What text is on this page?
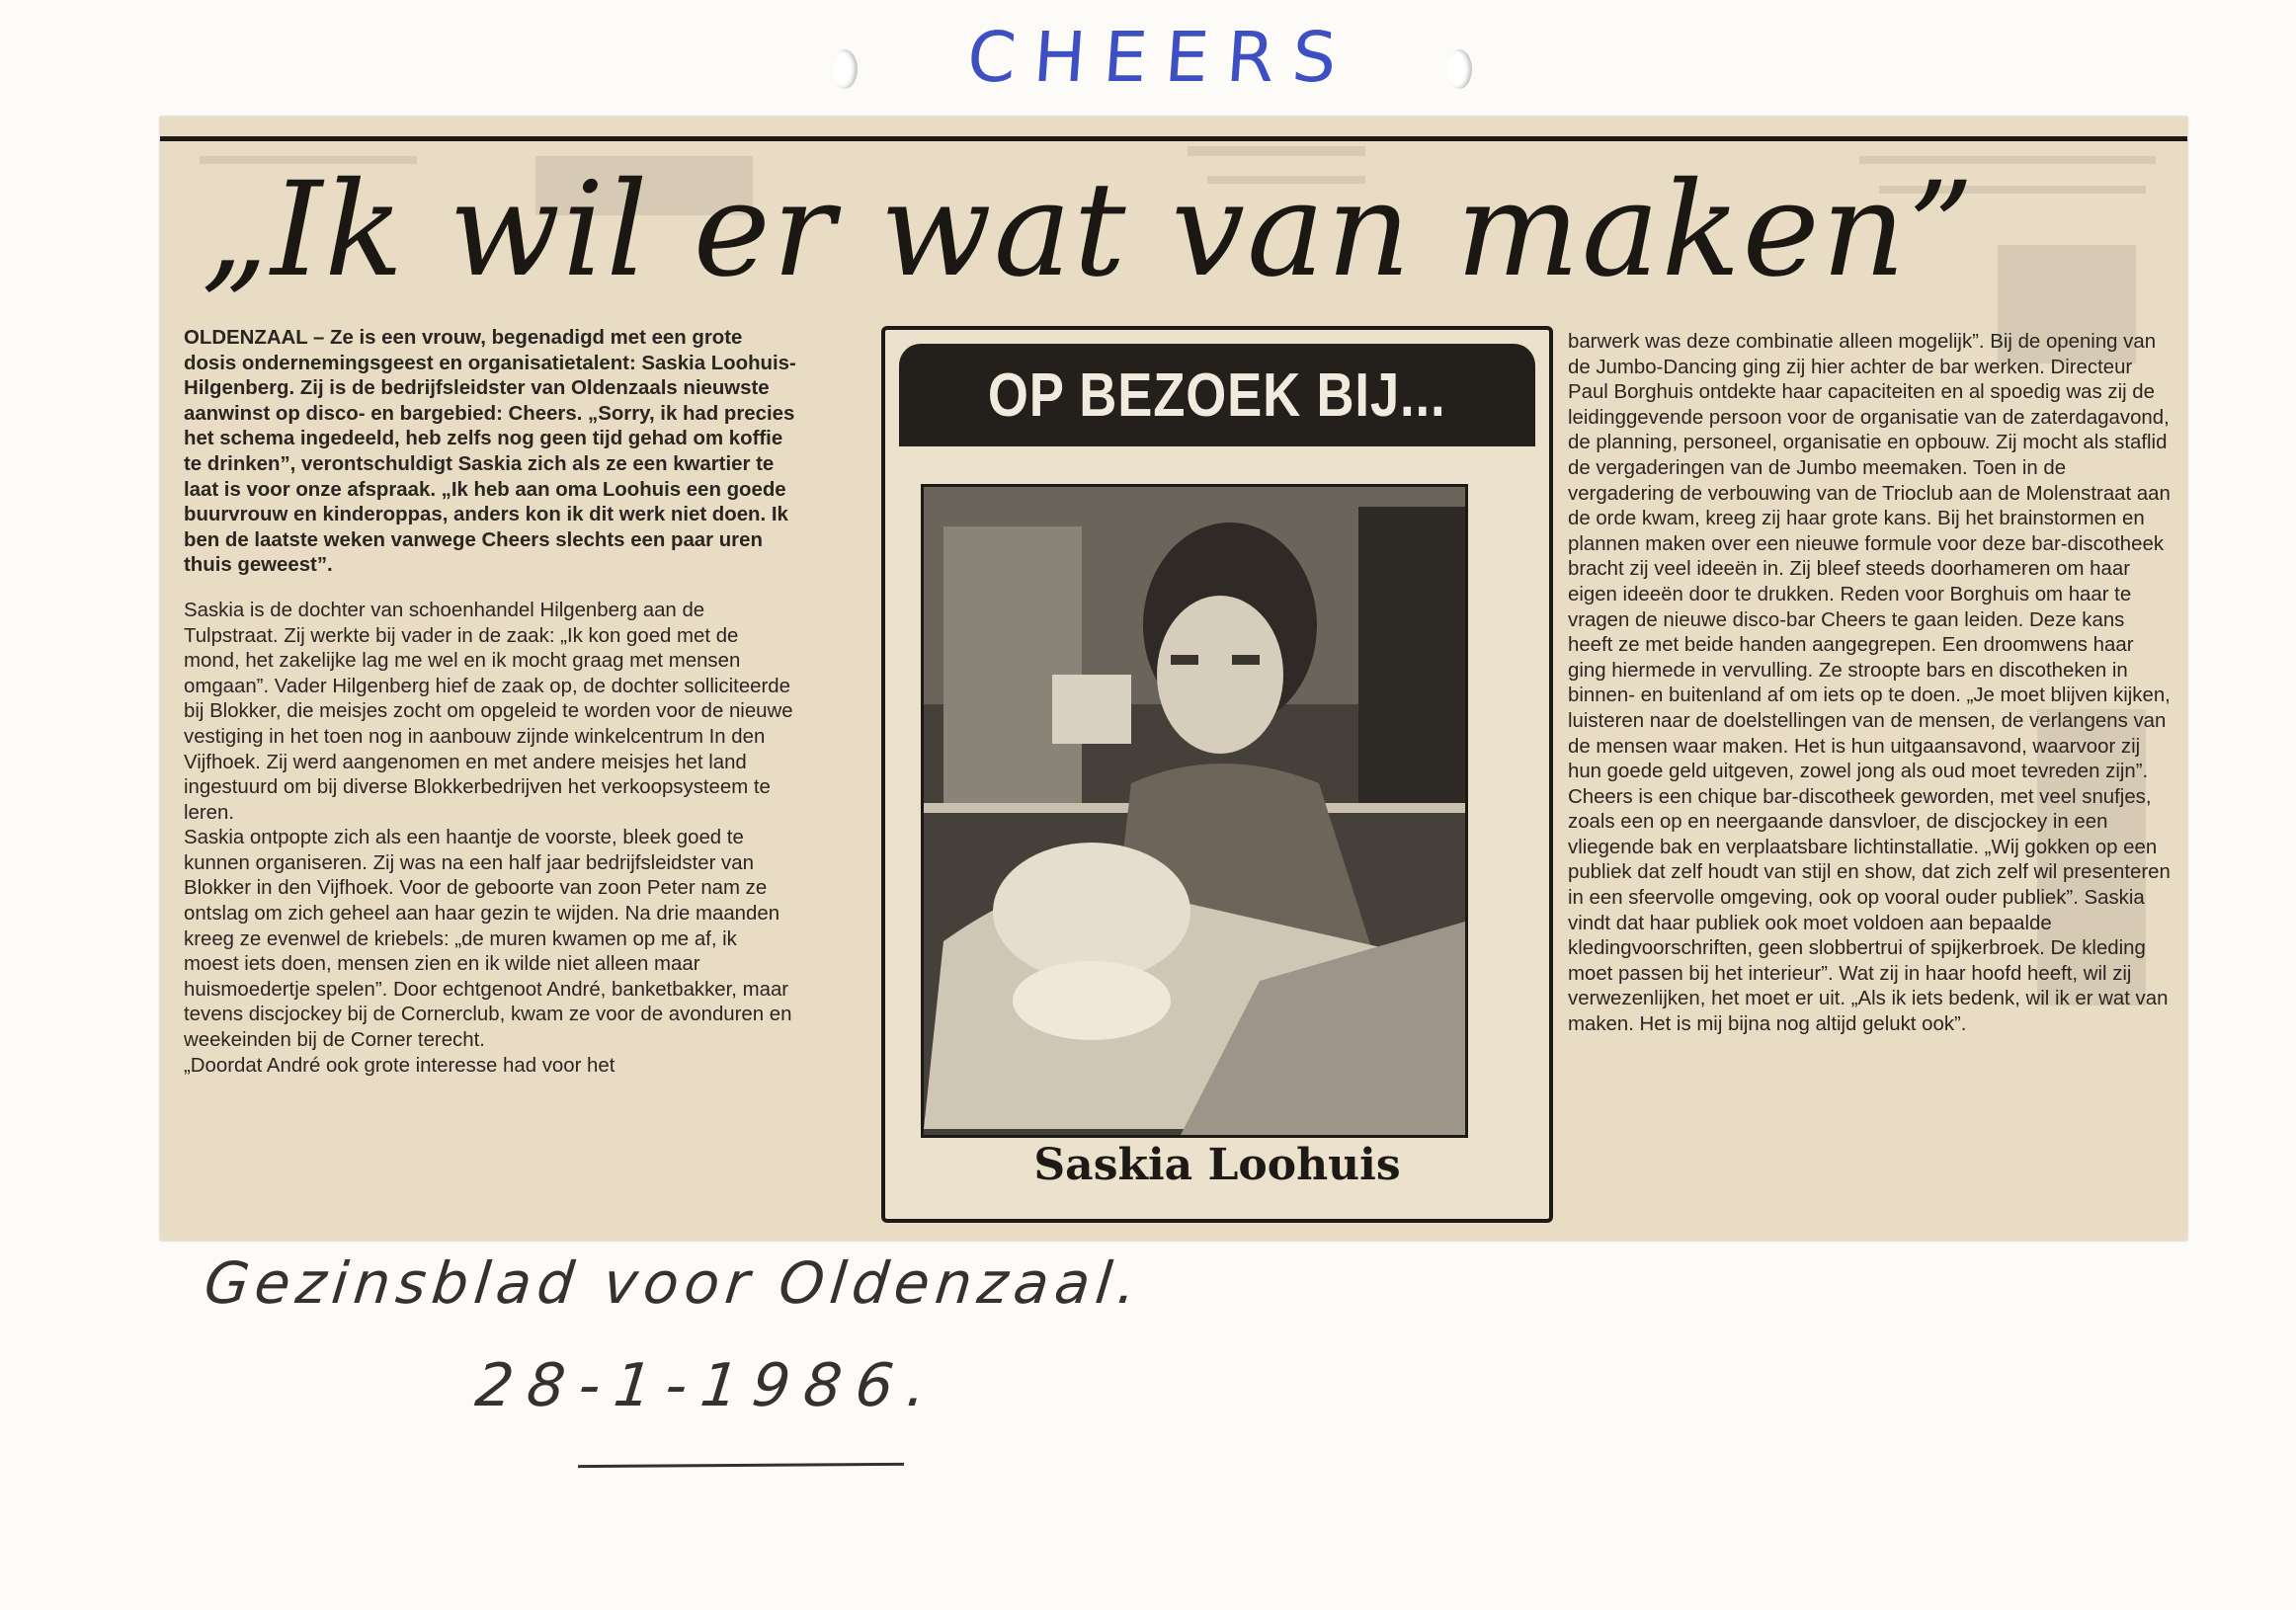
CHEERS
„Ik wil er wat van maken”
OLDENZAAL – Ze is een vrouw, begenadigd met een grote dosis ondernemingsgeest en organisatietalent: Saskia Loohuis-Hilgenberg. Zij is de bedrijfsleidster van Oldenzaals nieuwste aanwinst op disco- en bargebied: Cheers. „Sorry, ik had precies het schema ingedeeld, heb zelfs nog geen tijd gehad om koffie te drinken”, verontschuldigt Saskia zich als ze een kwartier te laat is voor onze afspraak. „Ik heb aan oma Loohuis een goede buurvrouw en kinderoppas, anders kon ik dit werk niet doen. Ik ben de laatste weken vanwege Cheers slechts een paar uren thuis geweest”.
Saskia is de dochter van schoenhandel Hilgenberg aan de Tulpstraat. Zij werkte bij vader in de zaak: „Ik kon goed met de mond, het zakelijke lag me wel en ik mocht graag met mensen omgaan”. Vader Hilgenberg hief de zaak op, de dochter solliciteerde bij Blokker, die meisjes zocht om opgeleid te worden voor de nieuwe vestiging in het toen nog in aanbouw zijnde winkelcentrum In den Vijfhoek. Zij werd aangenomen en met andere meisjes het land ingestuurd om bij diverse Blokkerbedrijven het verkoopsysteem te leren.
Saskia ontpopte zich als een haantje de voorste, bleek goed te kunnen organiseren. Zij was na een half jaar bedrijfsleidster van Blokker in den Vijfhoek. Voor de geboorte van zoon Peter nam ze ontslag om zich geheel aan haar gezin te wijden. Na drie maanden kreeg ze evenwel de kriebels: „de muren kwamen op me af, ik moest iets doen, mensen zien en ik wilde niet alleen maar huismoedertje spelen”. Door echtgenoot André, banketbakker, maar tevens discjockey bij de Cornerclub, kwam ze voor de avonduren en weekeinden bij de Corner terecht.
„Doordat André ook grote interesse had voor het
OP BEZOEK BIJ...
Saskia Loohuis
barwerk was deze combinatie alleen mogelijk”. Bij de opening van de Jumbo-Dancing ging zij hier achter de bar werken. Directeur Paul Borghuis ontdekte haar capaciteiten en al spoedig was zij de leidinggevende persoon voor de organisatie van de zaterdagavond, de planning, personeel, organisatie en opbouw. Zij mocht als staflid de vergaderingen van de Jumbo meemaken. Toen in de vergadering de verbouwing van de Trioclub aan de Molenstraat aan de orde kwam, kreeg zij haar grote kans. Bij het brainstormen en plannen maken over een nieuwe formule voor deze bar-discotheek bracht zij veel ideeën in. Zij bleef steeds doorhameren om haar eigen ideeën door te drukken. Reden voor Borghuis om haar te vragen de nieuwe disco-bar Cheers te gaan leiden. Deze kans heeft ze met beide handen aangegrepen. Een droomwens haar ging hiermede in vervulling. Ze stroopte bars en discotheken in binnen- en buitenland af om iets op te doen. „Je moet blijven kijken, luisteren naar de doelstellingen van de mensen, de verlangens van de mensen waar maken. Het is hun uitgaansavond, waarvoor zij hun goede geld uitgeven, zowel jong als oud moet tevreden zijn”.
Cheers is een chique bar-discotheek geworden, met veel snufjes, zoals een op en neergaande dansvloer, de discjockey in een vliegende bak en verplaatsbare lichtinstallatie. „Wij gokken op een publiek dat zelf houdt van stijl en show, dat zich zelf wil presenteren in een sfeervolle omgeving, ook op vooral ouder publiek”. Saskia vindt dat haar publiek ook moet voldoen aan bepaalde kledingvoorschriften, geen slobbertrui of spijkerbroek. De kleding moet passen bij het interieur”. Wat zij in haar hoofd heeft, wil zij verwezenlijken, het moet er uit. „Als ik iets bedenk, wil ik er wat van maken. Het is mij bijna nog altijd gelukt ook”.
Gezinsblad voor Oldenzaal.
28-1-1986.
